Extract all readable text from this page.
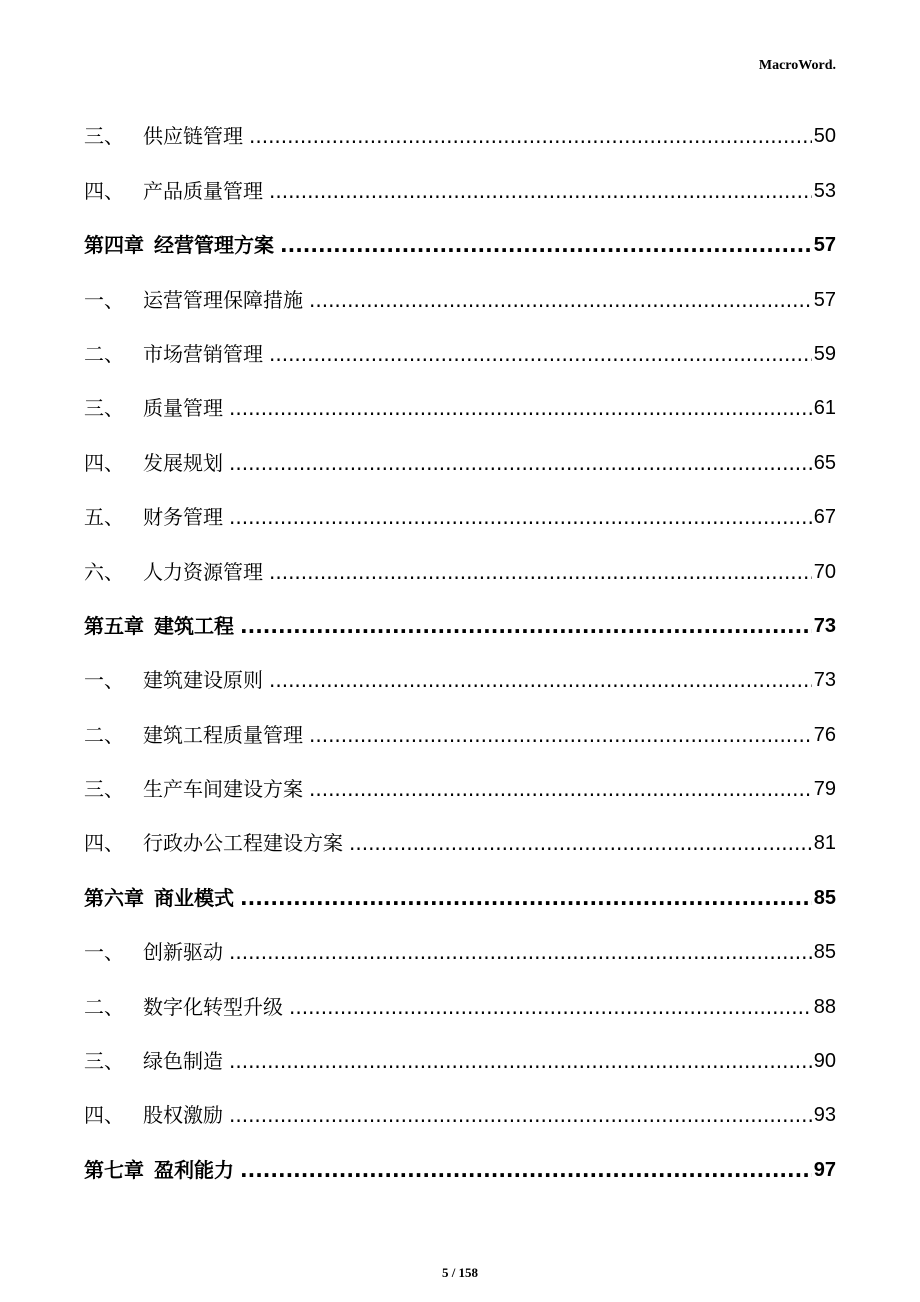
MacroWord.
三、 供应链管理 .....	50
四、 产品质量管理 .....	53
第四章 经营管理方案 .....	57
一、 运营管理保障措施 .....	57
二、 市场营销管理 .....	59
三、 质量管理 .....	61
四、 发展规划 .....	65
五、 财务管理 .....	67
六、 人力资源管理 .....	70
第五章 建筑工程 .....	73
一、 建筑建设原则 .....	73
二、 建筑工程质量管理 .....	76
三、 生产车间建设方案 .....	79
四、 行政办公工程建设方案 .....	81
第六章 商业模式 .....	85
一、 创新驱动 .....	85
二、 数字化转型升级 .....	88
三、 绿色制造 .....	90
四、 股权激励 .....	93
第七章 盈利能力 .....	97
5 / 158
